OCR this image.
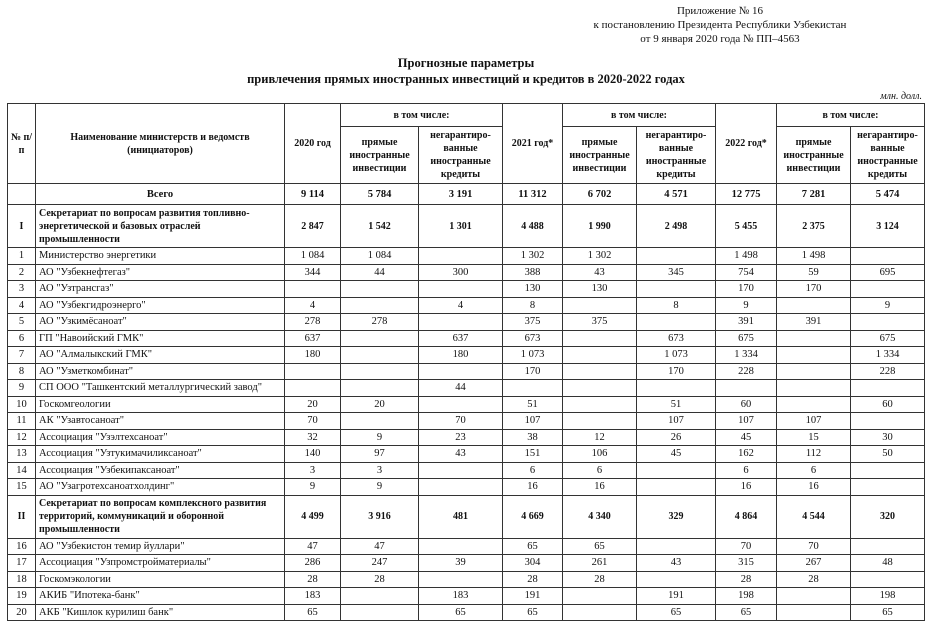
Приложение № 16
к постановлению Президента Республики Узбекистан
от 9 января 2020 года № ПП–4563
Прогнозные параметры
привлечения прямых иностранных инвестиций и кредитов в 2020-2022 годах
млн. долл.
№ п/п	Наименование министерств и ведомств (инициаторов)	2020 год	в том числе:		2021 год*	в том числе:		2022 год*	в том числе:	
			прямые иностранные инвестиции	негарантиро-ванные иностранные кредиты		прямые иностранные инвестиции	негарантиро-ванные иностранные кредиты		прямые иностранные инвестиции	негарантиро-ванные иностранные кредиты
	Всего	9 114	5 784	3 191	11 312	6 702	4 571	12 775	7 281	5 474
I	Секретариат по вопросам развития топливно-энергетической и базовых отраслей промышленности	2 847	1 542	1 301	4 488	1 990	2 498	5 455	2 375	3 124
1	Министерство энергетики	1 084	1 084		1 302	1 302		1 498	1 498	
2	АО "Узбекнефтегаз"	344	44	300	388	43	345	754	59	695
3	АО "Узтрансгаз"				130	130		170	170	
4	АО "Узбекгидроэнерго"	4		4	8		8	9		9
5	АО "Узкимёсаноат"	278	278		375	375		391	391	
6	ГП "Навоийский ГМК"	637		637	673		673	675		675
7	АО "Алмалыкский ГМК"	180		180	1 073		1 073	1 334		1 334
8	АО "Узметкомбинат"				170		170	228		228
9	СП ООО "Ташкентский металлургический завод"			44						
10	Госкомгеологии	20	20		51		51	60		60
11	АК "Узавтосаноат"	70		70	107		107	107	107	
12	Ассоциация "Узэлтехсаноат"	32	9	23	38	12	26	45	15	30
13	Ассоциация "Узтукимачиликсаноат"	140	97	43	151	106	45	162	112	50
14	Ассоциация "Узбекипаксаноат"	3	3		6	6		6	6	
15	АО "Узагротехсаноатхолдинг"	9	9		16	16		16	16	
II	Секретариат по вопросам комплексного развития территорий, коммуникаций и оборонной промышленности	4 499	3 916	481	4 669	4 340	329	4 864	4 544	320
16	АО "Узбекистон темир йуллари"	47	47		65	65		70	70	
17	Ассоциация "Узпромстройматериалы"	286	247	39	304	261	43	315	267	48
18	Госкомэкологии	28	28		28	28		28	28	
19	АКИБ "Ипотека-банк"	183		183	191		191	198		198
20	АКБ "Кишлок курилиш банк"	65		65	65		65	65		65
